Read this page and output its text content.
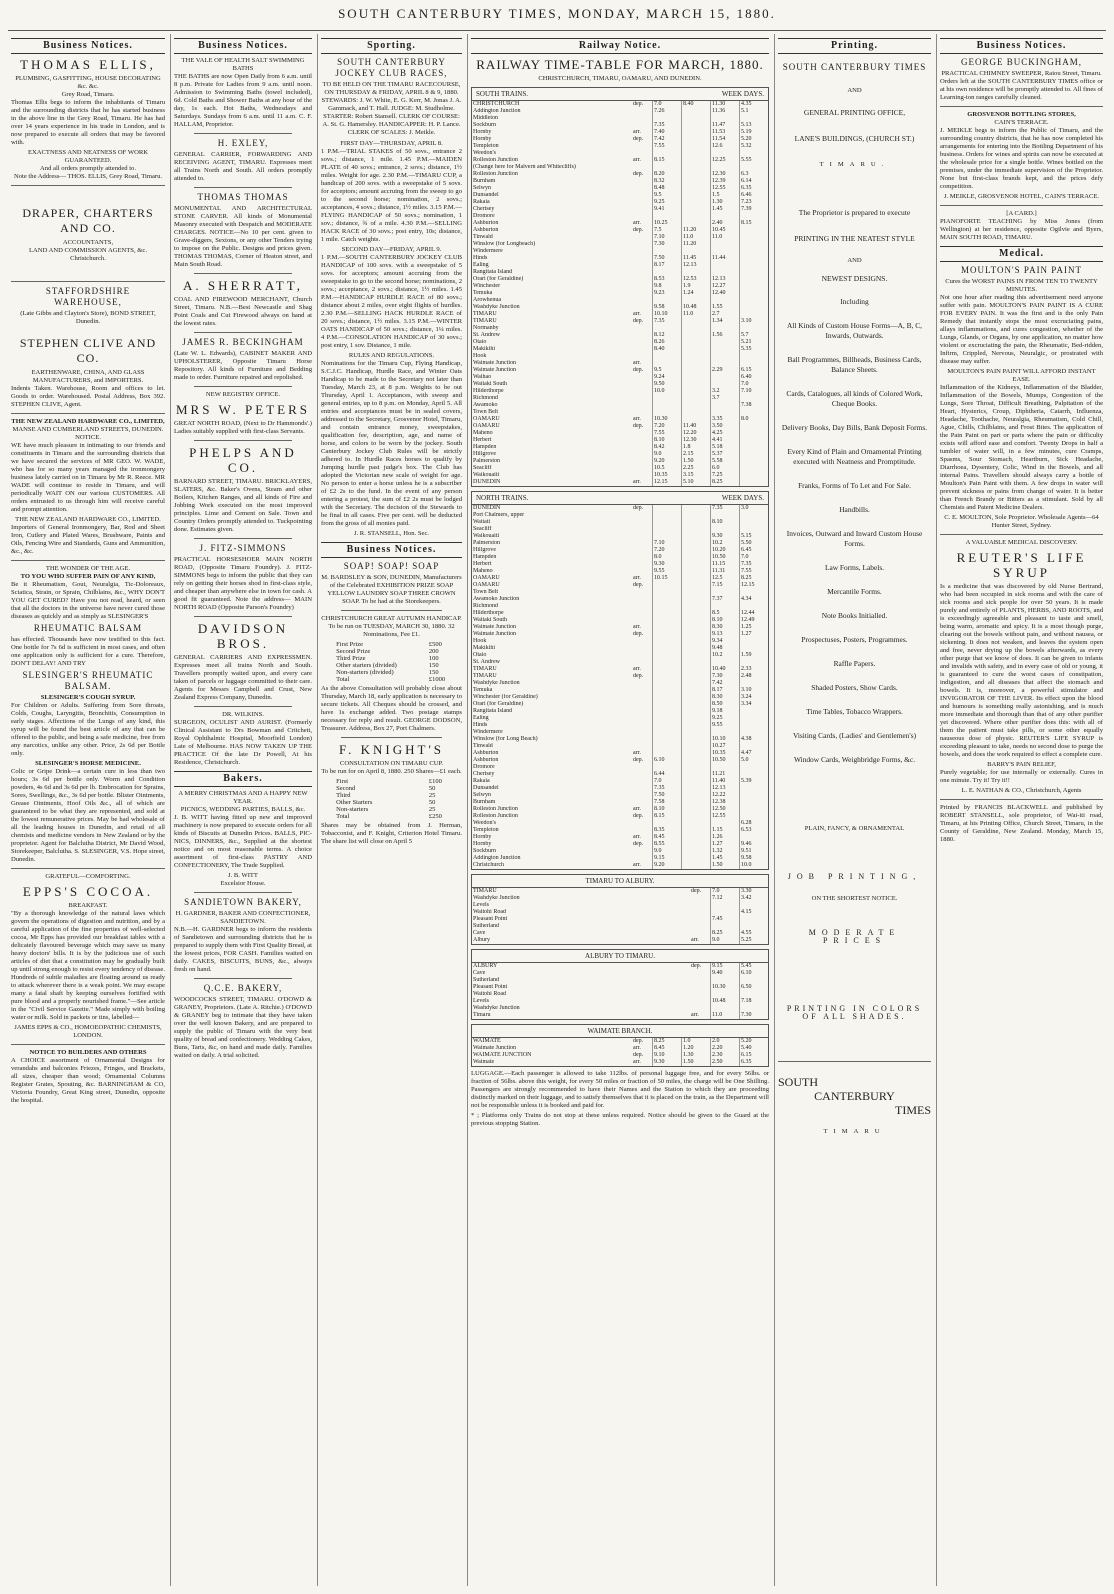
SOUTH CANTERBURY TIMES, MONDAY, MARCH 15, 1880.
Business Notices.
THOMAS ELLIS,
PLUMBING, GASFITTING, HOUSE DECORATING &c. &c.
Grey Road, Timaru.

Thomas Ellis begs to inform the inhabitants of Timaru and the surrounding districts that he has started business in the above line in the Grey Road, Timaru. He has had over 14 years experience in his trade in London, and is now prepared to execute all orders that may be favored with.

EXACTNESS AND NEATNESS OF WORK GUARANTEED.
And all orders promptly attended to.
Note the Address— THOS. ELLIS, Grey Road, Timaru.
DRAPER, CHARTERS AND CO.
ACCOUNTANTS,
LAND AND COMMISSION AGENTS, &c.
Christchurch.
STAFFORDSHIRE WAREHOUSE,
(Late Gibbs and Clayton's Store), BOND STREET, Dunedin.
STEPHEN CLIVE AND CO.
EARTHENWARE, CHINA, AND GLASS MANUFACTURERS, and IMPORTERS.

Indents Taken. Warehouse, Room and offices to let. Goods to order. Warehoused. Postal Address, Box 392. STEPHEN CLIVE, Agent.

THE NEW ZEALAND HARDWARE CO., LIMITED,
MANSE AND CUMBERLAND STREETS, DUNEDIN.
NOTICE.

WE have much pleasure in intimating to our friends and constituents in Timaru and the surrounding districts that we have secured the services of MR GEO. W. WADE, who has for so many years managed the ironmongery business lately carried on in Timaru by Mr R. Reece. MR WADE will continue to reside in Timaru, and will periodically WAIT ON our various CUSTOMERS. All orders entrusted to us through him will receive careful and prompt attention.

THE NEW ZEALAND HARDWARE CO., LIMITED.

Importers of General Ironmongery, Bar, Rod and Sheet Iron, Cutlery and Plated Wares, Brushware, Paints and Oils, Fencing Wire and Standards, Guns and Ammunition, &c., &c.

THE WONDER OF THE AGE.
TO YOU WHO SUFFER PAIN OF ANY KIND,

Be it Rheumatism, Gout, Neuralgia, Tic-Doloreaux, Sciatica, Strain, or Sprain, Chilblains, &c., WHY DON'T YOU GET CURED? Have you not read, heard, or seen that all the doctors in the universe have never cured those diseases as quickly and as simply as SLESINGER'S

RHEUMATIC BALSAM

has effected. Thousands have now testified to this fact. One bottle for 7s 6d is sufficient in most cases, and often one application only is sufficient for a cure. Therefore, DON'T DELAY! AND TRY

SLESINGER'S RHEUMATIC BALSAM.
SLESINGER'S COUGH SYRUP.

For Children or Adults. Suffering from Sore throats, Colds, Coughs, Laryngitis, Bronchitis, Consumption in early stages. Affections of the Lungs of any kind, this syrup will be found the best article of any that can be offered to the public, and being a safe medicine, free from any narcotics, unlike any other. Price, 2s 6d per Bottle only.

SLESINGER'S HORSE MEDICINE.

Colic or Gripe Drink—a certain cure in less than two hours; 3s 6d per bottle only. Worm and Condition powders, 4s 6d and 3s 6d per lb. Embrocation for Sprains, Sores, Swellings, &c., 3s 6d per bottle. Blister Ointments, Grease Ointments, Hoof Oils &c., all of which are guaranteed to be what they are represented, and sold at the lowest remunerative prices. May be had wholesale of all the leading houses in Dunedin, and retail of all chemists and medicine vendors in New Zealand or by the proprietor. Agent for Balclutha District, Mr David Wood, Storekeeper, Balclutha. S. SLESINGER, V.S. Hope street, Dunedin.

GRATEFUL—COMFORTING.
EPPS'S COCOA.
BREAKFAST.

"By a thorough knowledge of the natural laws which govern the operations of digestion and nutrition, and by a careful application of the fine properties of well-selected cocoa, Mr Epps has provided our breakfast tables with a delicately flavoured beverage which may save us many heavy doctors' bills. It is by the judicious use of such articles of diet that a constitution may be gradually built up until strong enough to resist every tendency of disease. Hundreds of subtle maladies are floating around us ready to attack wherever there is a weak point. We may escape many a fatal shaft by keeping ourselves fortified with pure blood and a properly nourished frame."—See article in the "Civil Service Gazette." Made simply with boiling water or milk. Sold in packets or tins, labelled—

JAMES EPPS & CO., HOMOEOPATHIC CHEMISTS, LONDON.
NOTICE TO BUILDERS AND OTHERS

A CHOICE assortment of Ornamental Designs for verandahs and balconies Friezes, Fringes, and Brackets, all sizes, cheaper than wood; Ornamental Columns Register Grates, Spouting, &c. BARNINGHAM & CO, Victoria Foundry, Great King street, Dunedin, opposite the hospital.

Business Notices.
THE VALE OF HEALTH SALT SWIMMING BATHS

THE BATHS are now Open Daily from 6 a.m. until 8 p.m. Private for Ladies from 9 a.m. until noon. Admission to Swimming Baths (towel included), 6d. Cold Baths and Shower Baths at any hour of the day, 1s each. Hot Baths, Wednesdays and Saturdays. Sundays from 6 a.m. until 11 a.m. C. F. HALLAM, Proprietor.

H. EXLEY,

GENERAL CARRIER, FORWARDING AND RECEIVING AGENT, TIMARU. Expresses meet all Trains North and South. All orders promptly attended to.

THOMAS THOMAS

MONUMENTAL AND ARCHITECTURAL STONE CARVER. All kinds of Monumental Masonry executed with Despatch and MODERATE CHARGES. NOTICE—No 10 per cent. given to Grave-diggers, Sextons, or any other Tenders trying to impose on the Public. Designs and prices given. THOMAS THOMAS, Corner of Heaton street, and Main South Road.

A. SHERRATT,

COAL AND FIREWOOD MERCHANT, Church Street, Timaru. N.B.—Best Newcastle and Shag Point Coals and Cut Firewood always on hand at the lowest rates.

JAMES R. BECKINGHAM

(Late W. L. Edwards), CABINET MAKER AND UPHOLSTERER, Opposite Timaru Horse Repository. All kinds of Furniture and Bedding made to order. Furniture repaired and repolished.

NEW REGISTRY OFFICE.
MRS W. PETERS

GREAT NORTH ROAD, (Next to Dr Hammonds'.) Ladies suitably supplied with first-class Servants.

PHELPS AND CO.

BARNARD STREET, TIMARU. BRICKLAYERS, SLATERS, &c. Baker's Ovens, Steam and other Boilers, Kitchen Ranges, and all kinds of Fire and Jobbing Work executed on the most improved principles. Lime and Cement on Sale. Town and Country Orders promptly attended to. Tuckpointing done. Estimates given.

J. FITZ-SIMMONS

PRACTICAL HORSESHOER MAIN NORTH ROAD, (Opposite Timaru Foundry). J. FITZ-SIMMONS begs to inform the public that they can rely on getting their horses shod in first-class style, and cheaper than anywhere else in town for cash. A good fit guaranteed. Note the address— MAIN NORTH ROAD (Opposite Parson's Foundry)

DAVIDSON BROS.

GENERAL CARRIERS AND EXPRESSMEN. Expresses meet all trains North and South. Travellers promptly waited upon, and every care taken of parcels or luggage committed to their care. Agents for Messrs Campbell and Crust, New Zealand Express Company, Dunedin.

DR. WILKINS.

SURGEON, OCULIST AND AURIST. (Formerly Clinical Assistant to Drs Bowman and Critchett, Royal Ophthalmic Hospital, Moorfield London) Late of Melbourne. HAS NOW TAKEN UP THE PRACTICE Of the late Dr Powell, At his Residence, Christchurch.

Bakers.
A MERRY CHRISTMAS AND A HAPPY NEW YEAR.
PICNICS, WEDDING PARTIES, BALLS, &c.

J. B. WITT having fitted up new and improved machinery is now prepared to execute orders for all kinds of Biscuits at Dunedin Prices. BALLS, PIC-NICS, DINNERS, &c., Supplied at the shortest notice and on most reasonable terms. A choice assortment of first-class PASTRY AND CONFECTIONERY, The Trade Supplied.

J. B. WITT
Excelsior House.
SANDIETOWN BAKERY,
H. GARDNER, BAKER AND CONFECTIONER, SANDIETOWN.

N.B.—H. GARDNER begs to inform the residents of Sandietown and surrounding districts that he is prepared to supply them with First Quality Bread, at the lowest prices, FOR CASH. Families waited on daily. CAKES, BISCUITS, BUNS, &c., always fresh on hand.

Q.C.E. BAKERY,

WOODCOCKS STREET, TIMARU. O'DOWD & GRANEY, Proprietors. (Late A. Ritchie.) O'DOWD & GRANEY beg to intimate that they have taken over the well known Bakery, and are prepared to supply the public of Timaru with the very best quality of bread and confectionery. Wedding Cakes, Buns, Tarts, &c, on hand and made daily. Families waited on daily. A trial solicited.

Sporting.
SOUTH CANTERBURY JOCKEY CLUB RACES,
TO BE HELD ON THE TIMARU RACECOURSE, ON THURSDAY & FRIDAY, APRIL 8 & 9, 1880.
STEWARDS: J. W. White, E. G. Kerr, M. Jonas J. A. Gammack, and T. Hall. JUDGE: M. Studholme. STARTER: Robert Stansell. CLERK OF COURSE: A. St. G. Hamersley. HANDICAPPER: H. P. Lance. CLERK OF SCALES: J. Meikle.
FIRST DAY—THURSDAY, APRIL 8.

1 P.M.—TRIAL STAKES of 50 sovs., entrance 2 sovs.; distance, 1 mile. 1.45 P.M.—MAIDEN PLATE of 40 sovs.; entrance, 2 sovs.; distance, 1½ miles. Weight for age. 2.30 P.M.—TIMARU CUP, a handicap of 200 sovs. with a sweepstake of 5 sovs. for acceptors; amount accruing from the sweep to go to the second horse; nomination, 2 sovs.; acceptances, 4 sovs.; distance, 1½ miles. 3.15 P.M.—FLYING HANDICAP of 50 sovs.; nomination, 1 sov.; distance, ¾ of a mile. 4.30 P.M.—SELLING HACK RACE of 30 sovs.; post entry, 10s; distance, 1 mile. Catch weights.

SECOND DAY—FRIDAY, APRIL 9.

1 P.M.—SOUTH CANTERBURY JOCKEY CLUB HANDICAP of 100 sovs. with a sweepstake of 5 sovs. for acceptors; amount accruing from the sweepstake to go to the second horse; nominations, 2 sovs.; acceptance, 2 sovs.; distance, 1½ miles. 1.45 P.M.—HANDICAP HURDLE RACE of 80 sovs.; distance about 2 miles, over eight flights of hurdles. 2.30 P.M.—SELLING HACK HURDLE RACE of 20 sovs.; distance, 1½ miles. 3.15 P.M.—WINTER OATS HANDICAP of 50 sovs.; distance, 1¼ miles. 4 P.M.—CONSOLATION HANDICAP of 30 sovs.; post entry, 1 sov. Distance, 1 mile.

RULES AND REGULATIONS.

Nominations for the Timaru Cup, Flying Handicap, S.C.J.C. Handicap, Hurdle Race, and Winter Oats Handicap to be made to the Secretary not later than Tuesday, March 23, at 8 p.m. Weights to be out Thursday, April 1. Acceptances, with sweep and general entries, up to 8 p.m. on Monday, April 5. All entries and acceptances must be in sealed covers, addressed to the Secretary, Grosvenor Hotel, Timaru, and contain entrance money, sweepstakes, qualification fee, description, age, and name of horse, and colors to be worn by the jockey. South Canterbury Jockey Club Rules will be strictly adhered to. In Hurdle Races horses to qualify by Jumping hurdle past judge's box. The Club has adopted the Victorian new scale of weight for age. No person to enter a horse unless he is a subscriber of £2 2s to the fund. In the event of any person entering a protest, the sum of £2 2s must be lodged with the Secretary. The decision of the Stewards to be final in all cases. Five per cent. will be deducted from the gross of all monies paid.

J. R. STANSELL, Hon. Sec.
Business Notices.
SOAP! SOAP! SOAP
M. BARDSLEY & SON, DUNEDIN, Manufacturers of the Celebrated EXHIBITION PRIZE SOAP YELLOW LAUNDRY SOAP THREE CROWN SOAP. To be had at the Storekeepers.
CHRISTCHURCH GREAT AUTUMN HANDICAP.
To be run on TUESDAY, MARCH 30, 1880. 32 Nominations, Fee £1.
First Prize	£500
Second Prize	200
Third Prize	100
Other starters (divided)	150
Non-starters (divided)	150
Total	£1000

As the above Consultation will probably close about Thursday, March 18, early application is necessary to secure tickets. All Cheques should be crossed, and have 1s exchange added. Two postage stamps necessary for reply and result. GEORGE DODSON, Treasurer. Address, Box 27, Port Chalmers.

F. KNIGHT'S
CONSULTATION ON TIMARU CUP.
To be run for on April 8, 1880. 250 Shares—£1 each.
First	£100
Second	50
Third	25
Other Starters	50
Non-starters	25
Total	£250

Shares may be obtained from J. Herman, Tobacconist, and F. Knight, Criterion Hotel Timaru. The share list will close on April 5

Railway Notice.
RAILWAY TIME-TABLE FOR MARCH, 1880.
CHRISTCHURCH, TIMARU, OAMARU, AND DUNEDIN.
SOUTH TRAINS.	WEEK DAYS.
CHRISTCHURCH	dep.	7.0	8.40	11.30	4.35
Addington Junction		7.26		11.36	5.1
Middleton					
Sockburn		7.35		11.47	5.13
Hornby	arr.	7.40		11.53	5.19
Hornby	dep.	7.42		11.54	5.20
Templeton		7.55		12.6	5.32
Weedon's					
Rolleston Junction	arr.	8.15		12.25	5.55
(Change here for Malvern and Whitecliffs)					
Rolleston Junction	dep.	8.20		12.30	6.3
Burnham		8.32		12.39	6.14
Selwyn		8.48		12.55	6.35
Dunsandel		9.5		1.5	6.46
Rakaia		9.25		1.30	7.23
Chertsey		9.41		1.45	7.39
Dromore					
Ashburton	arr.	10.25		2.40	8.15
Ashburton	dep.	7.5	11.20	10.45	
Tinwald		7.10	11.0	11.0	
Winslow (for Longbeach)		7.30	11.20		
Windermere					
Hinds		7.50	11.45	11.44	
Ealing		8.17	12.13		
Rangitata Island					
Orari (for Geraldine)		8.53	12.53	12.13	
Winchester		9.8	1.9	12.27	
Temuka		9.23	1.24	12.40	
Arowhenua					
Washdyke Junction		9.58	10.48	1.55	
TIMARU	arr.	10.10	11.0	2.7	
TIMARU	dep.	7.35		1.34	3.10
Normanby					
St. Andrew		8.12		1.56	5.7
Otaio		8.26			5.21
Makikihi		8.40			5.35
Hook					
Waimate Junction	arr.				
Waimate Junction	dep.	9.5		2.29	6.15
Waihao		9.24			6.40
Waitaki South		9.50			7.0
Hilderthorpe		10.0		3.2	7.10
Richmond				3.7	
Awamoko					7.38
Town Belt					
OAMARU	arr.	10.30		3.35	8.0
OAMARU	dep.	7.20	11.40	3.50	
Maheno		7.55	12.20	4.25	
Herbert		8.10	12.30	4.41	
Hampden		8.42	1.8	5.18	
Hillgrove		9.0	2.15	5.37	
Palmerston		9.20	1.50	5.58	
Seacliff		10.5	2.25	6.0	
Waikouaiti		10.35	3.15	7.25	
DUNEDIN	arr.	12.15	5.10	8.25	
NORTH TRAINS.	WEEK DAYS.
DUNEDIN	dep.			7.35	3.0
Port Chalmers, upper					
Waitati				8.10	
Seacliff					
Waikouaiti				9.30	5.15
Palmerston		7.10		10.2	5.50
Hillgrove		7.20		10.20	6.45
Hampden		8.0		10.50	7.0
Herbert		9.30		11.15	7.35
Maheno		9.55		11.31	7.55
OAMARU	arr.	10.15		12.5	8.25
OAMARU	dep.			7.15	12.15
Town Belt					
Awamoko Junction				7.37	4.34
Richmond					
Hilderthorpe				8.5	12.44
Waitaki South				8.10	12.49
Waimate Junction	arr.			8.30	1.25
Waimate Junction	dep.			9.13	1.27
Hook				9.34	
Makikihi				9.48	
Otaio				10.2	1.59
St. Andrew					
TIMARU	arr.			10.40	2.33
TIMARU	dep.			7.30	2.48
Washdyke Junction				7.42	
Temuka				8.17	3.10
Winchester (for Geraldine)				8.30	3.24
Orari (for Geraldine)				8.50	3.34
Rangitata Island				9.18	
Ealing				9.25	
Hinds				9.55	
Windermere					
Winslow (for Long Beach)				10.10	4.38
Tinwald				10.27	
Ashburton	arr.			10.35	4.47
Ashburton	dep.	6.10		10.50	5.0
Dromore					
Chertsey		6.44		11.21	
Rakaia		7.0		11.40	5.39
Dunsandel		7.35		12.13	
Selwyn		7.50		12.22	
Burnham		7.58		12.38	
Rolleston Junction	arr.	8.10		12.50	
Rolleston Junction	dep.	8.15		12.55	
Weedon's					6.28
Templeton		8.35		1.15	6.53
Hornby	arr.	8.45		1.26	
Hornby	dep.	8.55		1.27	9.46
Sockburn		9.0		1.32	9.51
Addington Junction		9.15		1.45	9.58
Christchurch	arr.	9.20		1.50	10.0
TIMARU TO ALBURY.
TIMARU	dep.	7.0	3.30
Washdyke Junction		7.12	3.42
Levels			
Waitohi Road			4.15
Pleasant Point		7.45	
Sutherland			
Cave		8.25	4.55
Albury	arr.	9.0	5.25
ALBURY TO TIMARU.
ALBURY	dep.	9.15	5.45
Cave		9.40	6.10
Sutherland			
Pleasant Point		10.30	6.50
Waitohi Road			
Levels		10.48	7.18
Washdyke Junction			
Timaru	arr.	11.0	7.30
WAIMATE BRANCH.
WAIMATE	dep.	8.25	1.0	2.0	5.20
Waimate Junction	arr.	8.45	1.20	2.20	5.40
WAIMATE JUNCTION	dep.	9.10	1.30	2.30	6.15
Waimate	arr.	9.30	1.50	2.50	6.35

LUGGAGE.—Each passenger is allowed to take 112lbs. of personal luggage free, and for every 56lbs. or fraction of 56lbs. above this weight, for every 50 miles or fraction of 50 miles, the charge will be One Shilling. Passengers are strongly recommended to have their Names and the Station to which they are proceeding distinctly marked on their luggage, and to satisfy themselves that it is placed on the train, as the Department will not be responsible unless it is booked and paid for.

* ; Platforms only Trains do not stop at these unless required. Notice should be given to the Guard at the previous stopping Station.

Printing.
SOUTH CANTERBURY TIMES
AND
GENERAL PRINTING OFFICE,
LANE'S BUILDINGS, (CHURCH ST.)
TIMARU.
The Proprietor is prepared to execute
PRINTING IN THE NEATEST STYLE
AND
NEWEST DESIGNS.
Including
All Kinds of Custom House Forms—A, B, C, Inwards, Outwards.
Ball Programmes, Billheads, Business Cards, Balance Sheets.
Cards, Catalogues, all kinds of Colored Work, Cheque Books.
Delivery Books, Day Bills, Bank Deposit Forms.
Every Kind of Plain and Ornamental Printing executed with Neatness and Promptitude.
Franks, Forms of To Let and For Sale.
Handbills.
Invoices, Outward and Inward Custom House Forms.
Law Forms, Labels.
Mercantile Forms.
Note Books Initialled.
Prospectuses, Posters, Programmes.
Raffle Papers.
Shaded Posters, Show Cards.
Time Tables, Tobacco Wrappers.
Visiting Cards, (Ladies' and Gentlemen's)
Window Cards, Weighbridge Forms, &c.
PLAIN, FANCY, & ORNAMENTAL
JOB PRINTING,
ON THE SHORTEST NOTICE.
MODERATE PRICES
PRINTING IN COLORS OF ALL SHADES.
SOUTH
CANTERBURY
TIMES
TIMARU
Business Notices.
GEORGE BUCKINGHAM,
PRACTICAL CHIMNEY SWEEPER, Raiou Street, Timaru.

Orders left at the SOUTH CANTERBURY TIMES office or at his own residence will be promptly attended to. All fines of Learning-ton ranges carefully cleaned.

GROSVENOR BOTTLING STORES,
CAIN'S TERRACE.

J. MEIKLE begs to inform the Public of Timaru, and the surrounding country districts, that he has now completed his arrangements for entering into the Bottling Department of his business. Orders for wines and spirits can now be executed at the wholesale price for a single bottle. Wines bottled on the premises, under the immediate supervision of the Proprietor. None but first-class brands kept, and the prices defy competition.

J. MEIKLE, GROSVENOR HOTEL, CAIN'S TERRACE.
[A CARD.]

PIANOFORTE TEACHING by Miss Jones (from Wellington) at her residence, opposite Ogilvie and Byers, MAIN SOUTH ROAD, TIMARU.

Medical.
MOULTON'S PAIN PAINT
Cures the WORST PAINS IN FROM TEN TO TWENTY MINUTES.

Not one hour after reading this advertisement need anyone suffer with pain. MOULTON'S PAIN PAINT IS A CURE FOR EVERY PAIN. It was the first and is the only Pain Remedy that instantly stops the most excruciating pains, allays inflammations, and cures congestion, whether of the Lungs, Glands, or Organs, by one application, no matter how violent or excruciating the pain, the Rheumatic, Bed-ridden, Infirm, Crippled, Nervous, Neuralgic, or prostrated with disease may suffer.

MOULTON'S PAIN PAINT WILL AFFORD INSTANT EASE.

Inflammation of the Kidneys, Inflammation of the Bladder, Inflammation of the Bowels, Mumps, Congestion of the Lungs, Sore Throat, Difficult Breathing, Palpitation of the Heart, Hysterics, Croup, Diphtheria, Catarrh, Influenza, Headache, Toothache, Neuralgia, Rheumatism, Cold Chill, Ague, Chills, Chilblains, and Frost Bites. The application of the Pain Paint on part or parts where the pain or difficulty exists will afford ease and comfort. Twenty Drops in half a tumbler of water will, in a few minutes, cure Cramps, Spasms, Sour Stomach, Heartburn, Sick Headache, Diarrhoea, Dysentery, Colic, Wind in the Bowels, and all internal Pains. Travellers should always carry a bottle of Moulton's Pain Paint with them. A few drops in water will prevent sickness or pains from change of water. It is better than French Brandy or Bitters as a stimulant. Sold by all Chemists and Patent Medicine Dealers.

C. E. MOULTON, Sole Proprietor. Wholesale Agents—64 Hunter Street, Sydney.
A VALUABLE MEDICAL DISCOVERY.
REUTER'S LIFE SYRUP

Is a medicine that was discovered by old Nurse Bertrand, who had been occupied in sick rooms and with the care of sick rooms and sick people for over 50 years. It is made purely and entirely of PLANTS, HERBS, AND ROOTS, and is exceedingly agreeable and pleasant to taste and smell, being warm, aromatic and spicy. It is a most though purge, clearing out the bowels without pain, and without nausea, or sickening. It does not weaken, and leaves the system open and free, never drying up the bowels afterwards, as every other purge that we know of does. It can be given to infants and invalids with safety, and in every case of old or young, it is guaranteed to cure the worst cases of constipation, indigestion, and all diseases that affect the stomach and bowels. It is, moreover, a powerful stimulator and INVIGORATOR OF THE LIVER. Its effect upon the blood and humours is something really astonishing, and is much more immediate and thorough than that of any other purifier yet discovered. Where other purifier does this: with all of them the patient must take pills, or some other equally nauseous dose of physic. REUTER'S LIFE SYRUP is exceeding pleasant to take, needs no second dose to purge the bowels, and does the work required to effect a complete cure.

BARRY'S PAIN RELIEF,

Purely vegetable; for use internally or externally. Cures in one minute. Try it! Try it!!

L. E. NATHAN & CO., Christchurch, Agents

Printed by FRANCIS BLACKWELL and published by ROBERT STANSELL, sole proprietor, of Wai-iti road, Timaru, at his Printing Office, Church Street, Timaru, in the County of Geraldine, New Zealand. Monday, March 15, 1880.
